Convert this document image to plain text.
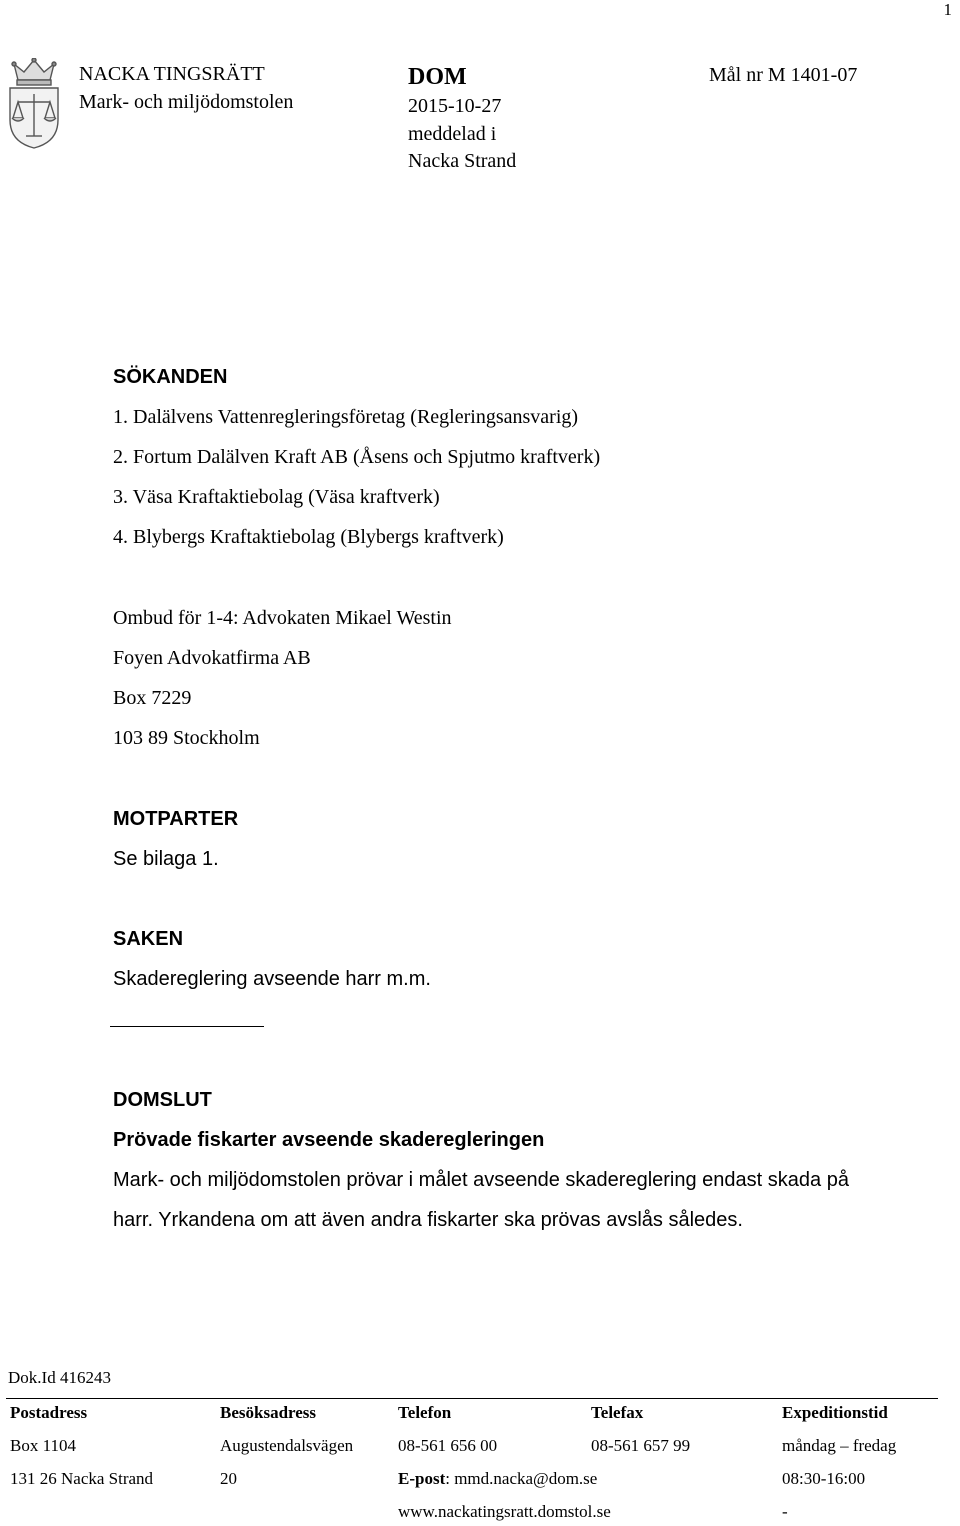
1
NACKA TINGSRÄTT
Mark- och miljödomstolen
DOM
2015-10-27
meddelad i
Nacka Strand
Mål nr M 1401-07
SÖKANDEN
1. Dalälvens Vattenregleringsföretag (Regleringsansvarig)
2. Fortum Dalälven Kraft AB (Åsens och Spjutmo kraftverk)
3. Väsa Kraftaktiebolag (Väsa kraftverk)
4. Blybergs Kraftaktiebolag (Blybergs kraftverk)
Ombud för 1-4: Advokaten Mikael Westin
Foyen Advokatfirma AB
Box 7229
103 89 Stockholm
MOTPARTER
Se bilaga 1.
SAKEN
Skadereglering avseende harr m.m.
DOMSLUT
Prövade fiskarter avseende skaderegleringen
Mark- och miljödomstolen prövar i målet avseende skadereglering endast skada på
harr. Yrkandena om att även andra fiskarter ska prövas avslås således.
Dok.Id 416243
Postadress
Box 1104
131 26 Nacka Strand
Besöksadress
Augustendalsvägen
20
Telefon
08-561 656 00
E-post: mmd.nacka@dom.se
www.nackatingsratt.domstol.se
Telefax
08-561 657 99
Expeditionstid
måndag – fredag
08:30-16:00
-
